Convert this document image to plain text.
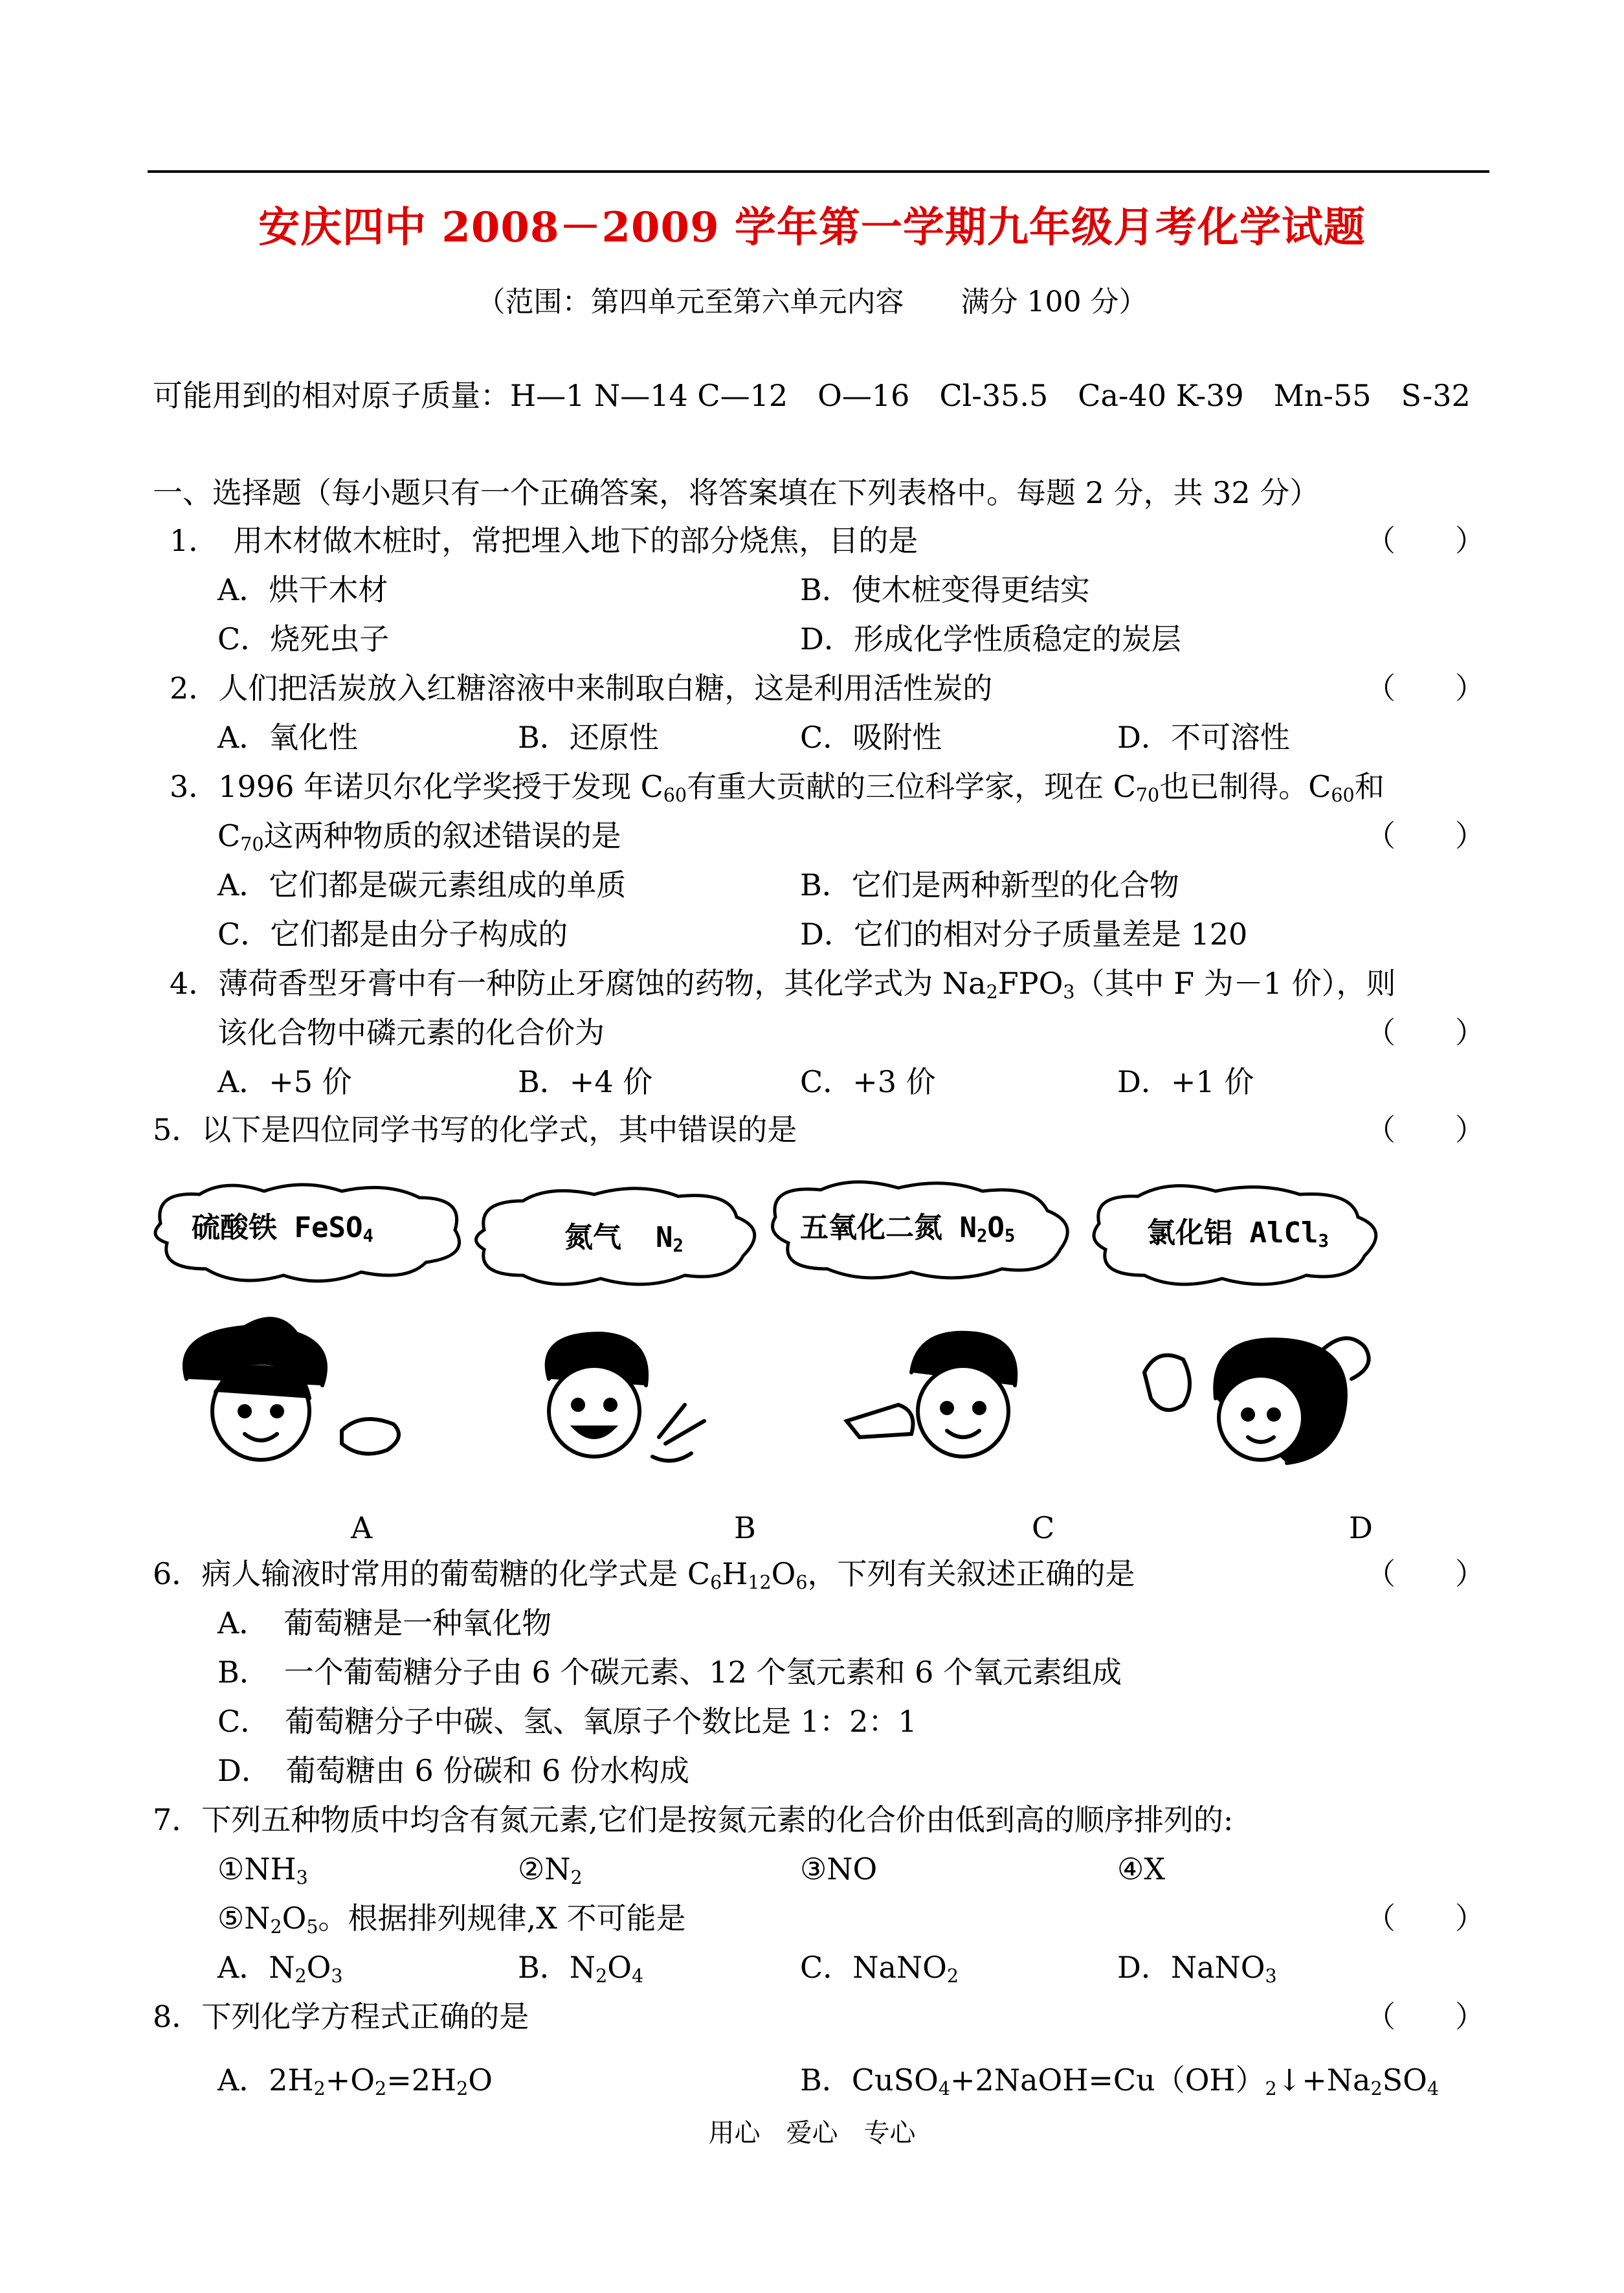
安庆四中 2008－2009 学年第一学期九年级月考化学试题
（范围：第四单元至第六单元内容　　满分 100 分）
可能用到的相对原子质量：H—1 N—14 C—12　O—16　Cl-35.5　Ca-40 K-39　Mn-55　S-32
一、选择题（每小题只有一个正确答案，将答案填在下列表格中。每题 2 分，共 32 分）
1．　用木材做木桩时，常把埋入地下的部分烧焦，目的是	（　　）
A．烘干木材	B．使木桩变得更结实
C．烧死虫子	D．形成化学性质稳定的炭层
2．人们把活炭放入红糖溶液中来制取白糖，这是利用活性炭的	（　　）
A．氧化性	B．还原性	C．吸附性	D．不可溶性
3．1996 年诺贝尔化学奖授于发现 $C_{60}$有重大贡献的三位科学家，现在 $C_{70}$也已制得。$C_{60}$和
$C_{70}$这两种物质的叙述错误的是	（　　）
A．它们都是碳元素组成的单质	B．它们是两种新型的化合物
C．它们都是由分子构成的	D．它们的相对分子质量差是 120
4．薄荷香型牙膏中有一种防止牙腐蚀的药物，其化学式为 $Na_2FPO_3$（其中 F 为－1 价），则
该化合物中磷元素的化合价为	（　　）
A．+5 价	B．+4 价	C．+3 价	D．+1 价
5．以下是四位同学书写的化学式，其中错误的是	（　　）
硫酸铁 FeSO$_4$	氮气 $N_2$
五氧化二氮 $N_2O_5$	氯化铝 AlCl$_3$
A	B	C	D
6．病人输液时常用的葡萄糖的化学式是 $C_6H_{12}O_6$，下列有关叙述正确的是	（　　）
A．　葡萄糖是一种氧化物
B．　一个葡萄糖分子由 6 个碳元素、12 个氢元素和 6 个氧元素组成
C．　葡萄糖分子中碳、氢、氧原子个数比是 1：2：1
D．　葡萄糖由 6 份碳和 6 份水构成
7．下列五种物质中均含有氮元素,它们是按氮元素的化合价由低到高的顺序排列的:
$①NH_3$	$②N_2$	③NO	④X
$⑤N_2O_5$。根据排列规律,X 不可能是	（　　）
A．$N_2O_3$	B．$N_2O_4$	C．NaNO$_2$	D．NaNO$_3$
8．下列化学方程式正确的是	（　　）
A．$2H_2+O_2=2H_2O$	B．$CuSO_4+2NaOH=Cu(OH)_2↓+Na_2SO_4$
用心　爱心　专心
